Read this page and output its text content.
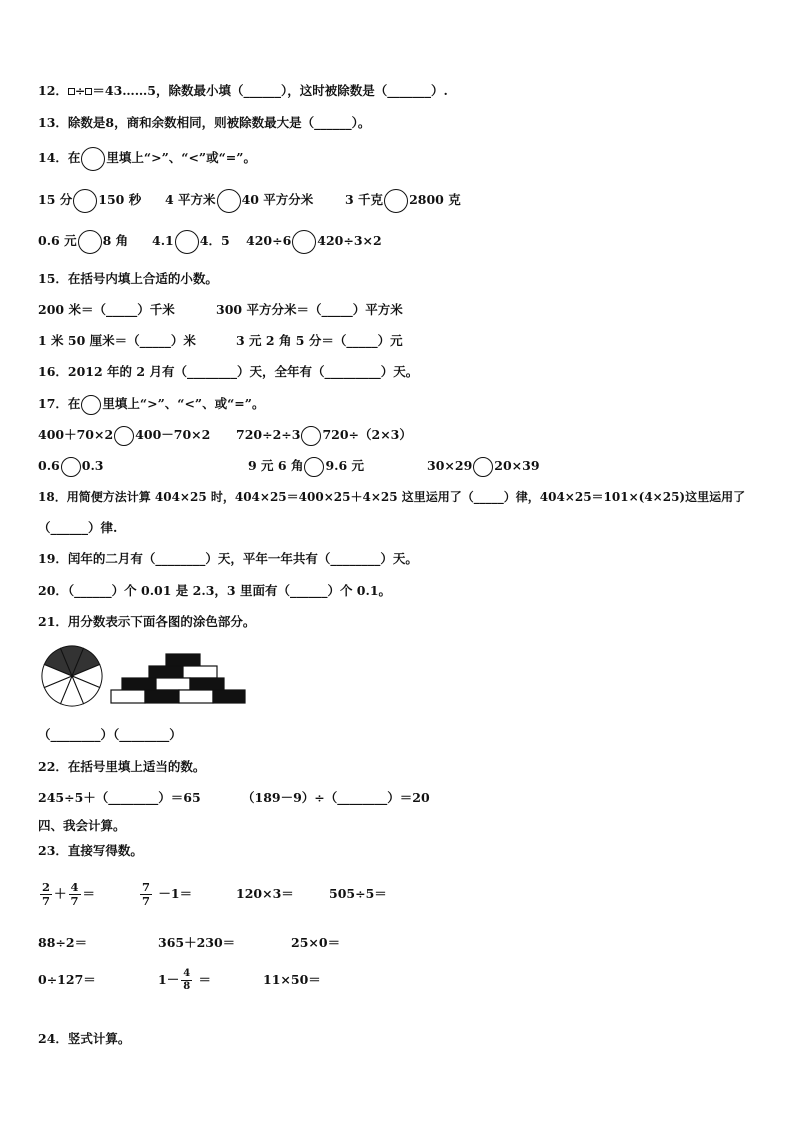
12． ÷ ＝43……5，除数最小填（______），这时被除数是（_______）.
13．除数是8，商和余数相同，则被除数最大是（______）。
14．在 里填上“>”、“<”或“=”。
15 分 150 秒 4 平方米 40 平方分米	3 千克 2800 克
0.6 元 8 角 4.1 4．5 420÷6 420÷3×2
15．在括号内填上合适的小数。
200 米＝（_____）千米	300 平方分米＝（_____）平方米
1 米 50 厘米＝（_____）米	3 元 2 角 5 分＝（_____）元
16．2012 年的 2 月有（________）天，全年有（_________）天。
17．在 里填上“>”、“<”、或“=”。
400＋70×2 400－70×2 720÷2÷3 720÷（2×3）
0.6 0.3	9 元 6 角 9.6 元	30×29 20×39
18．用简便方法计算 404×25 时，404×25＝400×25＋4×25 这里运用了（_____）律，404×25＝101×(4×25)这里运用了
（______）律.
19．闰年的二月有（________）天，平年一年共有（________）天。
20．（______）个 0.01 是 2.3，3 里面有（______）个 0.1。
21．用分数表示下面各图的涂色部分。
（________）（________）
22．在括号里填上适当的数。
245÷5＋（________）＝65	（189－9）÷（________）＝20
四、我会计算。
23．直接写得数。
$\frac{2}{7} + \frac{4}{7}$ ＝	$\frac{7}{7} -1=$	120×3＝	505÷5＝
88÷2＝	365＋230＝	25×0＝
0÷127＝	$1- \frac{4}{8}$ ＝	11×50＝
24．竖式计算。
